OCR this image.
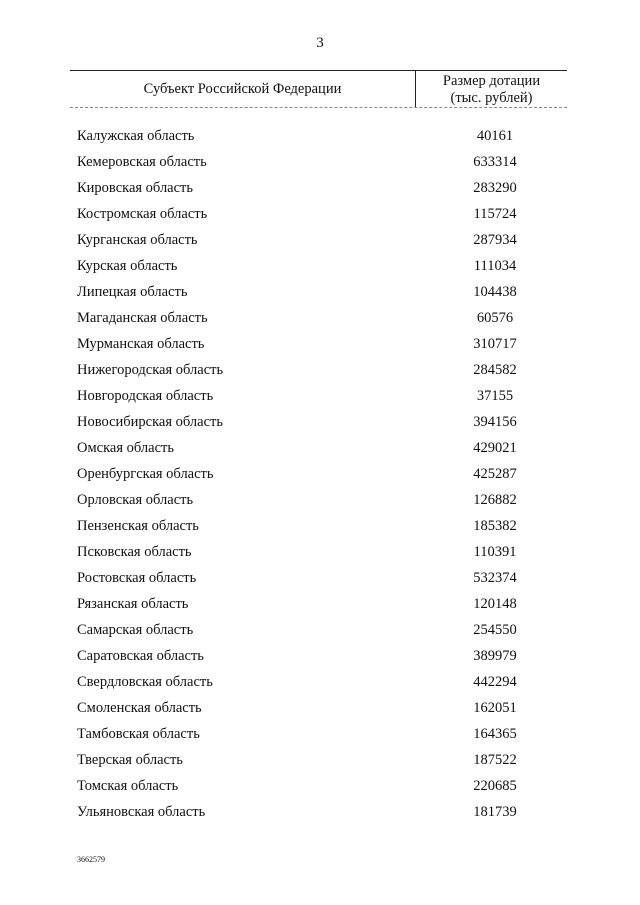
3
Субъект Российской Федерации	Размер дотации
(тыс. рублей)
Калужская область	40161
Кемеровская область	633314
Кировская область	283290
Костромская область	115724
Курганская область	287934
Курская область	111034
Липецкая область	104438
Магаданская область	60576
Мурманская область	310717
Нижегородская область	284582
Новгородская область	37155
Новосибирская область	394156
Омская область	429021
Оренбургская область	425287
Орловская область	126882
Пензенская область	185382
Псковская область	110391
Ростовская область	532374
Рязанская область	120148
Самарская область	254550
Саратовская область	389979
Свердловская область	442294
Смоленская область	162051
Тамбовская область	164365
Тверская область	187522
Томская область	220685
Ульяновская область	181739
3662579
